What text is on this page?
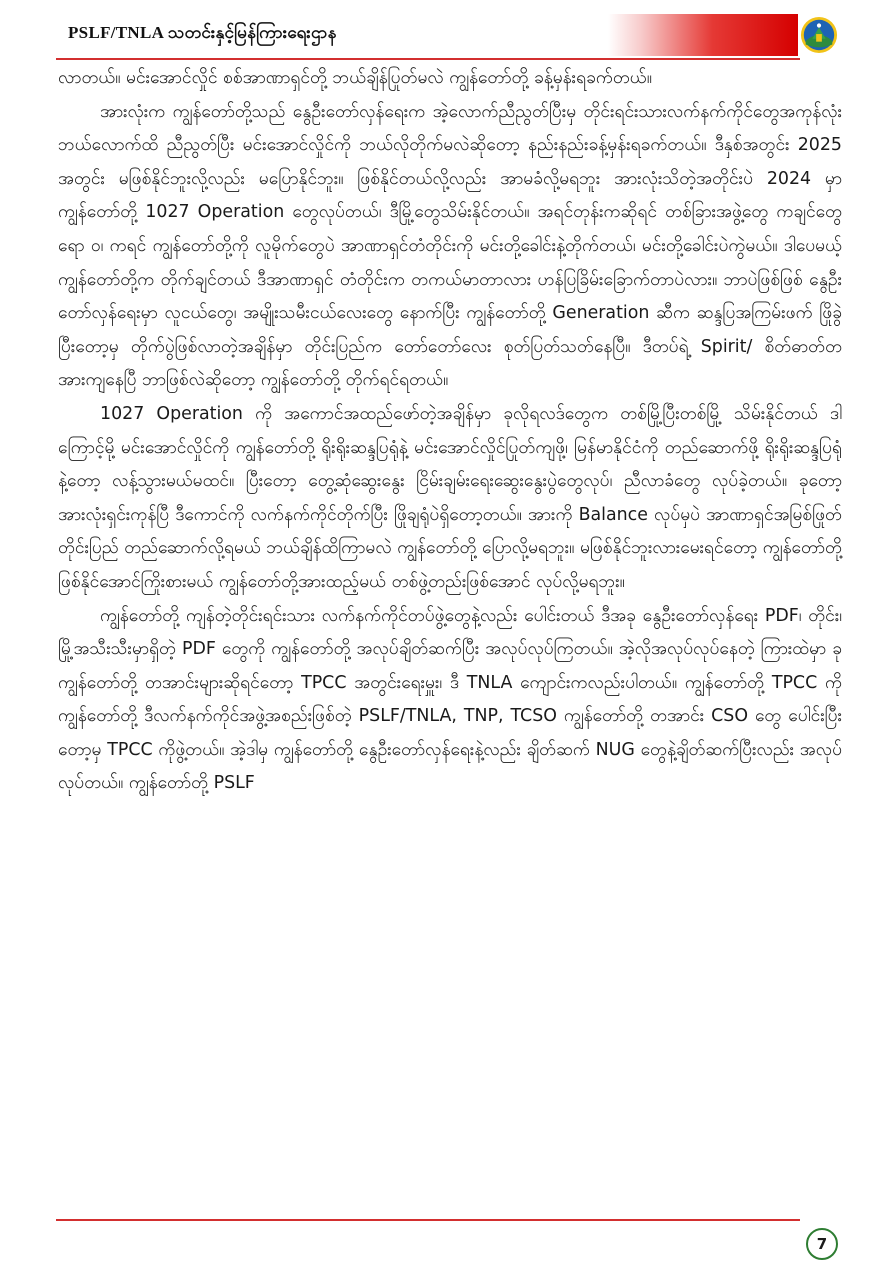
PSLF/TNLA သတင်းနှင့်မြန်ကြားရေးဌာန

လာတယ်။ မင်းအောင်လှိုင် စစ်အာဏာရှင်တို့ ဘယ်ချိန်ပြုတ်မလဲ ကျွန်တော်တို့ ခန့်မှန်းရခက်တယ်။

အားလုံးက ကျွန်တော်တို့သည် နွေဦးတော်လှန်ရေးက အဲ့လောက်ညီညွတ်ပြီးမှ တိုင်းရင်းသားလက်နက်ကိုင်တွေအကုန်လုံး ဘယ်လောက်ထိ ညီညွတ်ပြီး မင်းအောင်လှိုင်ကို ဘယ်လိုတိုက်မလဲဆိုတော့ နည်းနည်းခန့်မှန်းရခက်တယ်။ ဒီနှစ်အတွင်း 2025 အတွင်း မဖြစ်နိုင်ဘူးလို့လည်း မပြောနိုင်ဘူး။ ဖြစ်နိုင်တယ်လို့လည်း အာမခံလို့မရဘူး အားလုံးသိတဲ့အတိုင်းပဲ 2024 မှာ ကျွန်တော်တို့ 1027 Operation တွေလုပ်တယ်၊ ဒီမြို့တွေသိမ်းနိုင်တယ်။ အရင်တုန်းကဆိုရင် တစ်ခြားအဖွဲ့တွေ ကချင်တွေရော ဝ၊ ကရင် ကျွန်တော်တို့ကို လူမိုက်တွေပဲ အာဏာရှင်တံတိုင်းကို မင်းတို့ခေါင်းနဲ့တိုက်တယ်၊ မင်းတို့ခေါင်းပဲကွဲမယ်။ ဒါပေမယ့် ကျွန်တော်တို့က တိုက်ချင်တယ် ဒီအာဏာရှင် တံတိုင်းက တကယ်မာတာလား ဟန်ပြခြိမ်းခြောက်တာပဲလား။ ဘာပဲဖြစ်ဖြစ် နွေဦးတော်လှန်ရေးမှာ လူငယ်တွေ၊ အမျိုးသမီးငယ်လေးတွေ နောက်ပြီး ကျွန်တော်တို့ Generation ဆီက ဆန္ဒပြအကြမ်းဖက် ဖြိုခွဲပြီးတော့မှ တိုက်ပွဲဖြစ်လာတဲ့အချိန်မှာ တိုင်းပြည်က တော်တော်လေး စုတ်ပြတ်သတ်နေပြီ။ ဒီတပ်ရဲ့ Spirit/ စိတ်ဓာတ်တအားကျနေပြီ ဘာဖြစ်လဲဆိုတော့ ကျွန်တော်တို့ တိုက်ရင်ရတယ်။

1027 Operation ကို အကောင်အထည်ဖော်တဲ့အချိန်မှာ ခုလိုရလဒ်တွေက တစ်မြို့ပြီးတစ်မြို့ သိမ်းနိုင်တယ် ဒါကြောင့်မို့ မင်းအောင်လှိုင်ကို ကျွန်တော်တို့ ရိုးရိုးဆန္ဒပြရုံနဲ့ မင်းအောင်လှိုင်ပြုတ်ကျဖို့၊ မြန်မာနိုင်ငံကို တည်ဆောက်ဖို့ ရိုးရိုးဆန္ဒပြရုံနဲ့တော့ လန့်သွားမယ်မထင်။ ပြီးတော့ တွေ့ဆုံဆွေးနွေး ငြိမ်းချမ်းရေးဆွေးနွေးပွဲတွေလုပ်၊ ညီလာခံတွေ လုပ်ခဲ့တယ်။ ခုတော့ အားလုံးရှင်းကုန်ပြီ ဒီကောင်ကို လက်နက်ကိုင်တိုက်ပြီး ဖြိုချရုံပဲရှိတော့တယ်။ အားကို Balance လုပ်မှပဲ အာဏာရှင်အမြစ်ဖြုတ်တိုင်းပြည် တည်ဆောက်လို့ရမယ် ဘယ်ချိန်ထိကြာမလဲ ကျွန်တော်တို့ ပြောလို့မရဘူး။ မဖြစ်နိုင်ဘူးလားမေးရင်တော့ ကျွန်တော်တို့ ဖြစ်နိုင်အောင်ကြိုးစားမယ် ကျွန်တော်တို့အားထည့်မယ် တစ်ဖွဲ့တည်းဖြစ်အောင် လုပ်လို့မရဘူး။

ကျွန်တော်တို့ ကျန်တဲ့တိုင်းရင်းသား လက်နက်ကိုင်တပ်ဖွဲ့တွေနဲ့လည်း ပေါင်းတယ် ဒီအခု နွေဦးတော်လှန်ရေး PDF၊ တိုင်း၊ မြို့အသီးသီးမှာရှိတဲ့ PDF တွေကို ကျွန်တော်တို့ အလုပ်ချိတ်ဆက်ပြီး အလုပ်လုပ်ကြတယ်။ အဲ့လိုအလုပ်လုပ်နေတဲ့ ကြားထဲမှာ ခုကျွန်တော်တို့ တအာင်းများဆိုရင်တော့ TPCC အတွင်းရေးမှူး၊ ဒီ TNLA ကျောင်းကလည်းပါတယ်။ ကျွန်တော်တို့ TPCC ကို ကျွန်တော်တို့ ဒီလက်နက်ကိုင်အဖွဲ့အစည်းဖြစ်တဲ့ PSLF/TNLA, TNP, TCSO ကျွန်တော်တို့ တအာင်း CSO တွေ ပေါင်းပြီးတော့မှ TPCC ကိုဖွဲ့တယ်။ အဲ့ဒါမှ ကျွန်တော်တို့ နွေဦးတော်လှန်ရေးနဲ့လည်း ချိတ်ဆက် NUG တွေနဲ့ချိတ်ဆက်ပြီးလည်း အလုပ်လုပ်တယ်။ ကျွန်တော်တို့ PSLF

7
